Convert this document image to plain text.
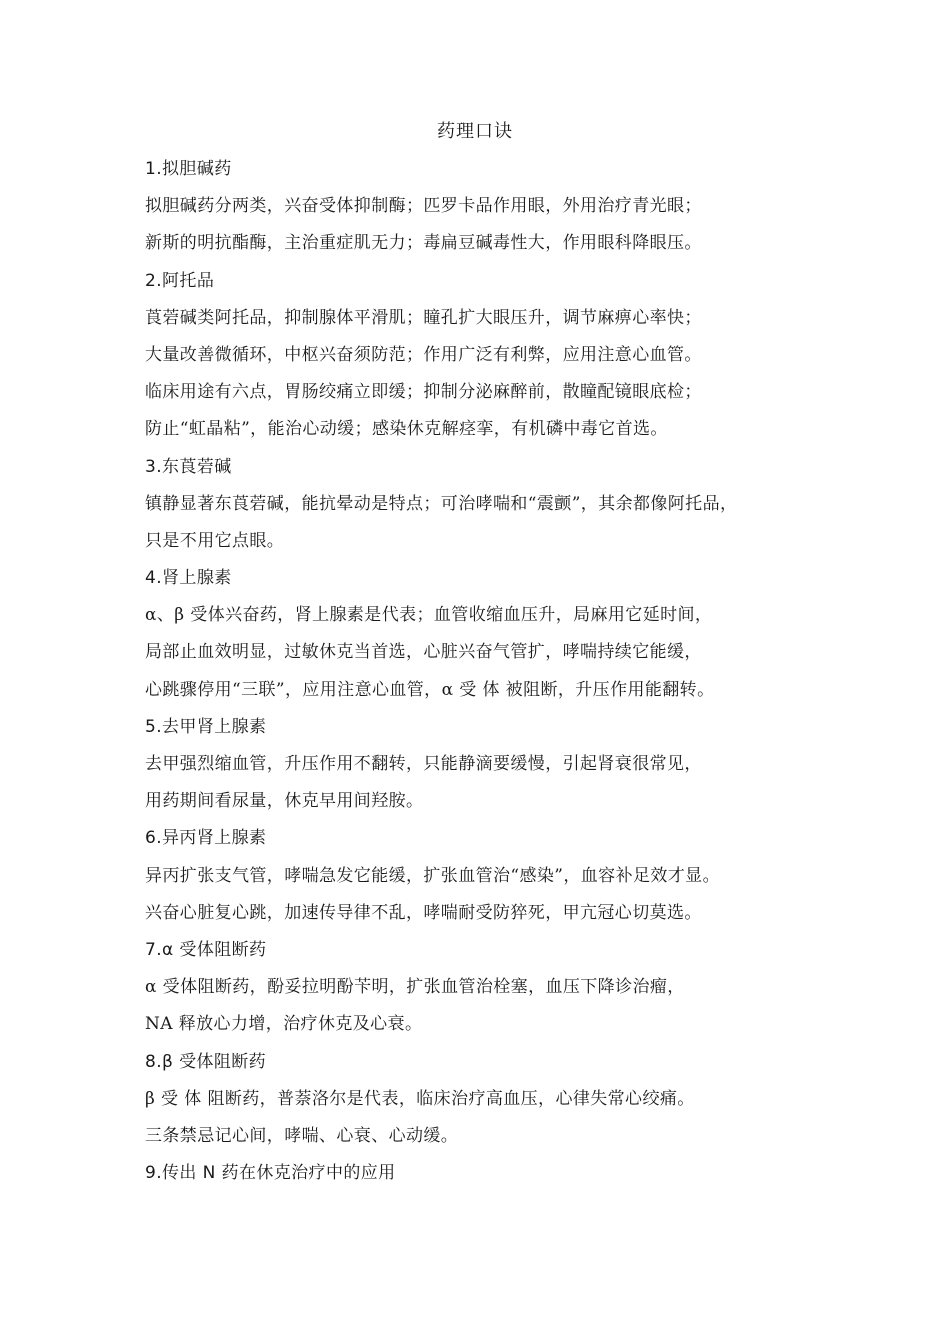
药理口诀
1.拟胆碱药
拟胆碱药分两类，兴奋受体抑制酶；匹罗卡品作用眼，外用治疗青光眼；
新斯的明抗酯酶，主治重症肌无力；毒扁豆碱毒性大，作用眼科降眼压。
2.阿托品
莨菪碱类阿托品，抑制腺体平滑肌；瞳孔扩大眼压升，调节麻痹心率快；
大量改善微循环，中枢兴奋须防范；作用广泛有利弊，应用注意心血管。
临床用途有六点，胃肠绞痛立即缓；抑制分泌麻醉前，散瞳配镜眼底检；
防止“虹晶粘”，能治心动缓；感染休克解痉挛，有机磷中毒它首选。
3.东莨菪碱
镇静显著东莨菪碱，能抗晕动是特点；可治哮喘和“震颤”，其余都像阿托品，
只是不用它点眼。
4.肾上腺素
α、β 受体兴奋药，肾上腺素是代表；血管收缩血压升，局麻用它延时间，
局部止血效明显，过敏休克当首选，心脏兴奋气管扩，哮喘持续它能缓，
心跳骤停用“三联”，应用注意心血管，α 受 体 被阻断，升压作用能翻转。
5.去甲肾上腺素
去甲强烈缩血管，升压作用不翻转，只能静滴要缓慢，引起肾衰很常见，
用药期间看尿量，休克早用间羟胺。
6.异丙肾上腺素
异丙扩张支气管，哮喘急发它能缓，扩张血管治“感染”，血容补足效才显。
兴奋心脏复心跳，加速传导律不乱，哮喘耐受防猝死，甲亢冠心切莫选。
7.α 受体阻断药
α 受体阻断药，酚妥拉明酚苄明，扩张血管治栓塞，血压下降诊治瘤，
NA 释放心力增，治疗休克及心衰。
8.β 受体阻断药
β 受 体 阻断药，普萘洛尔是代表，临床治疗高血压，心律失常心绞痛。
三条禁忌记心间，哮喘、心衰、心动缓。
9.传出 N 药在休克治疗中的应用
